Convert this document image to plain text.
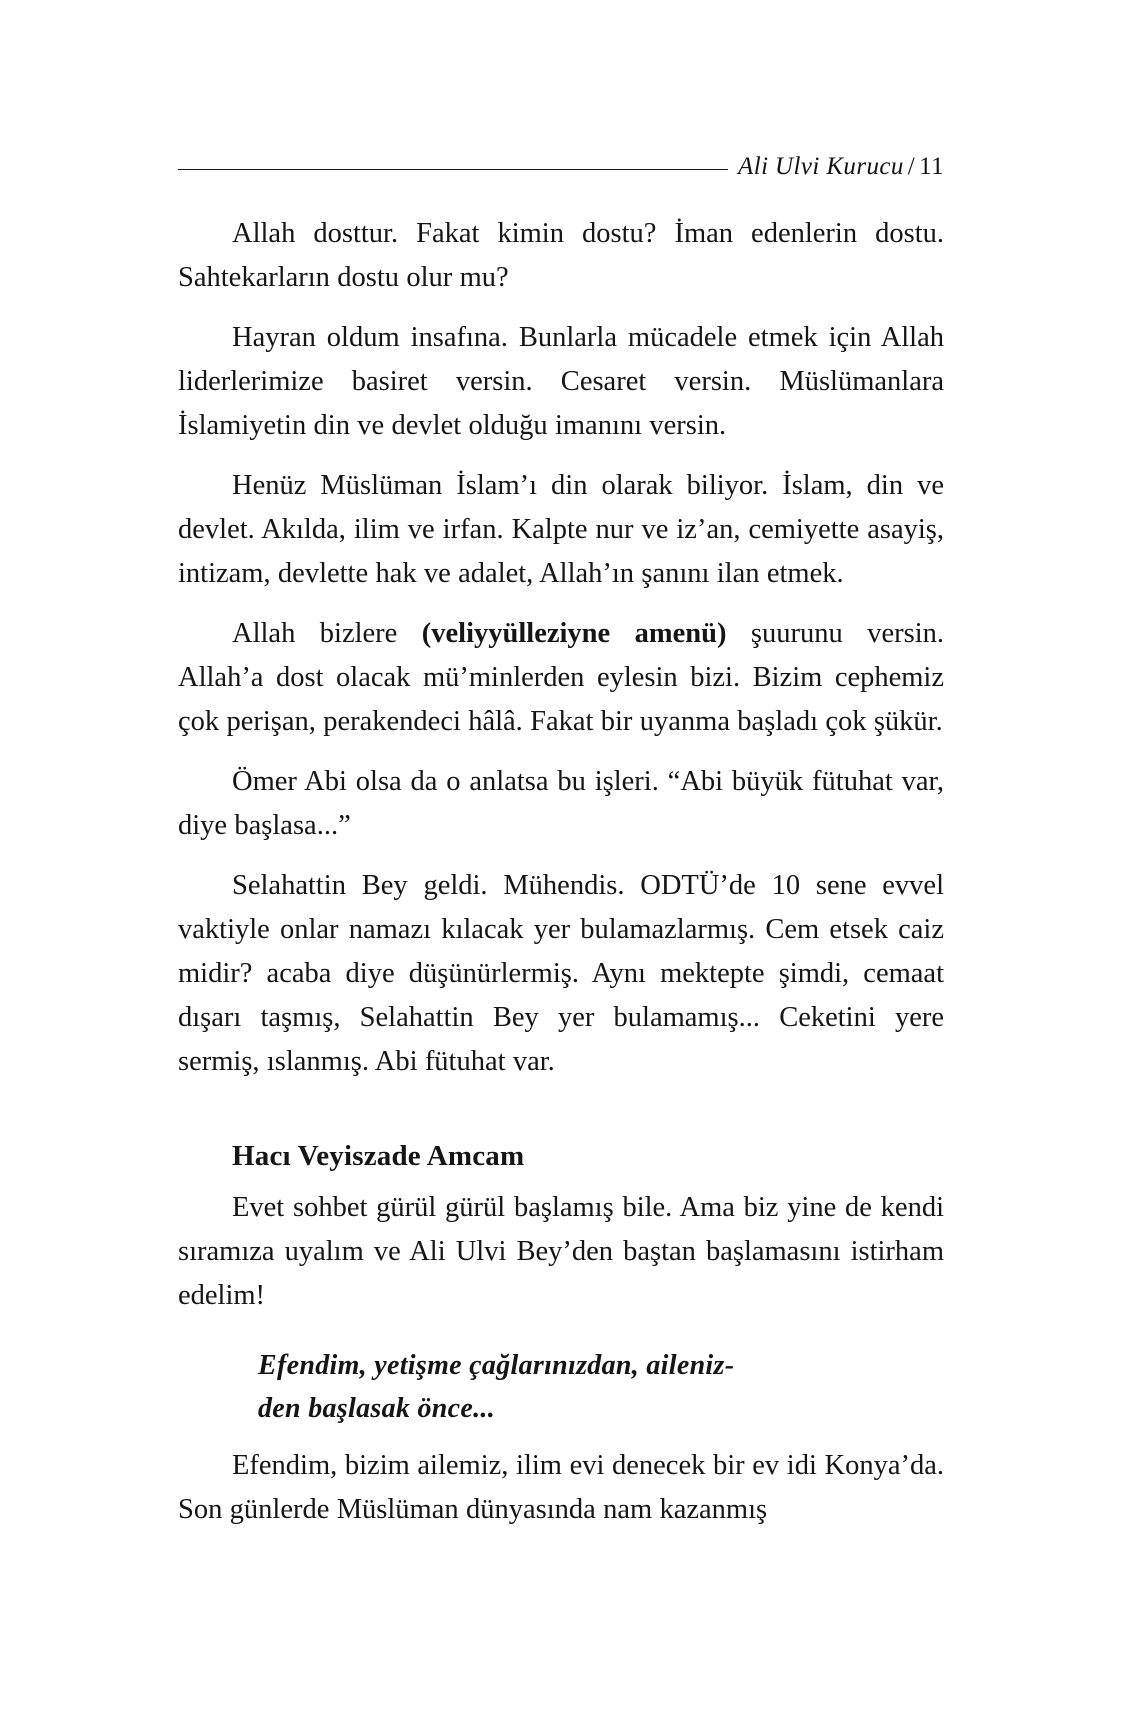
Ali Ulvi Kurucu / 11

Allah dosttur. Fakat kimin dostu? İman edenlerin dostu. Sahtekarların dostu olur mu?

Hayran oldum insafına. Bunlarla mücadele etmek için Allah liderlerimize basiret versin. Cesaret versin. Müslümanlara İslamiyetin din ve devlet olduğu imanını versin.

Henüz Müslüman İslam’ı din olarak biliyor. İslam, din ve devlet. Akılda, ilim ve irfan. Kalpte nur ve iz’an, cemiyette asayiş, intizam, devlette hak ve adalet, Allah’ın şanını ilan etmek.

Allah bizlere (veliyyülleziyne amenü) şuurunu versin. Allah’a dost olacak mü’minlerden eylesin bizi. Bizim cephemiz çok perişan, perakendeci hâlâ. Fakat bir uyanma başladı çok şükür.

Ömer Abi olsa da o anlatsa bu işleri. “Abi büyük fütuhat var, diye başlasa...”

Selahattin Bey geldi. Mühendis. ODTÜ’de 10 sene evvel vaktiyle onlar namazı kılacak yer bulamazlarmış. Cem etsek caiz midir? acaba diye düşünürlermiş. Aynı mektepte şimdi, cemaat dışarı taşmış, Selahattin Bey yer bulamamış... Ceketini yere sermiş, ıslanmış. Abi fütuhat var.

Hacı Veyiszade Amcam

Evet sohbet gürül gürül başlamış bile. Ama biz yine de kendi sıramıza uyalım ve Ali Ulvi Bey’den baştan başlamasını istirham edelim!

Efendim, yetişme çağlarınızdan, aileniz-
den başlasak önce...

Efendim, bizim ailemiz, ilim evi denecek bir ev idi Konya’da. Son günlerde Müslüman dünyasında nam kazanmış
